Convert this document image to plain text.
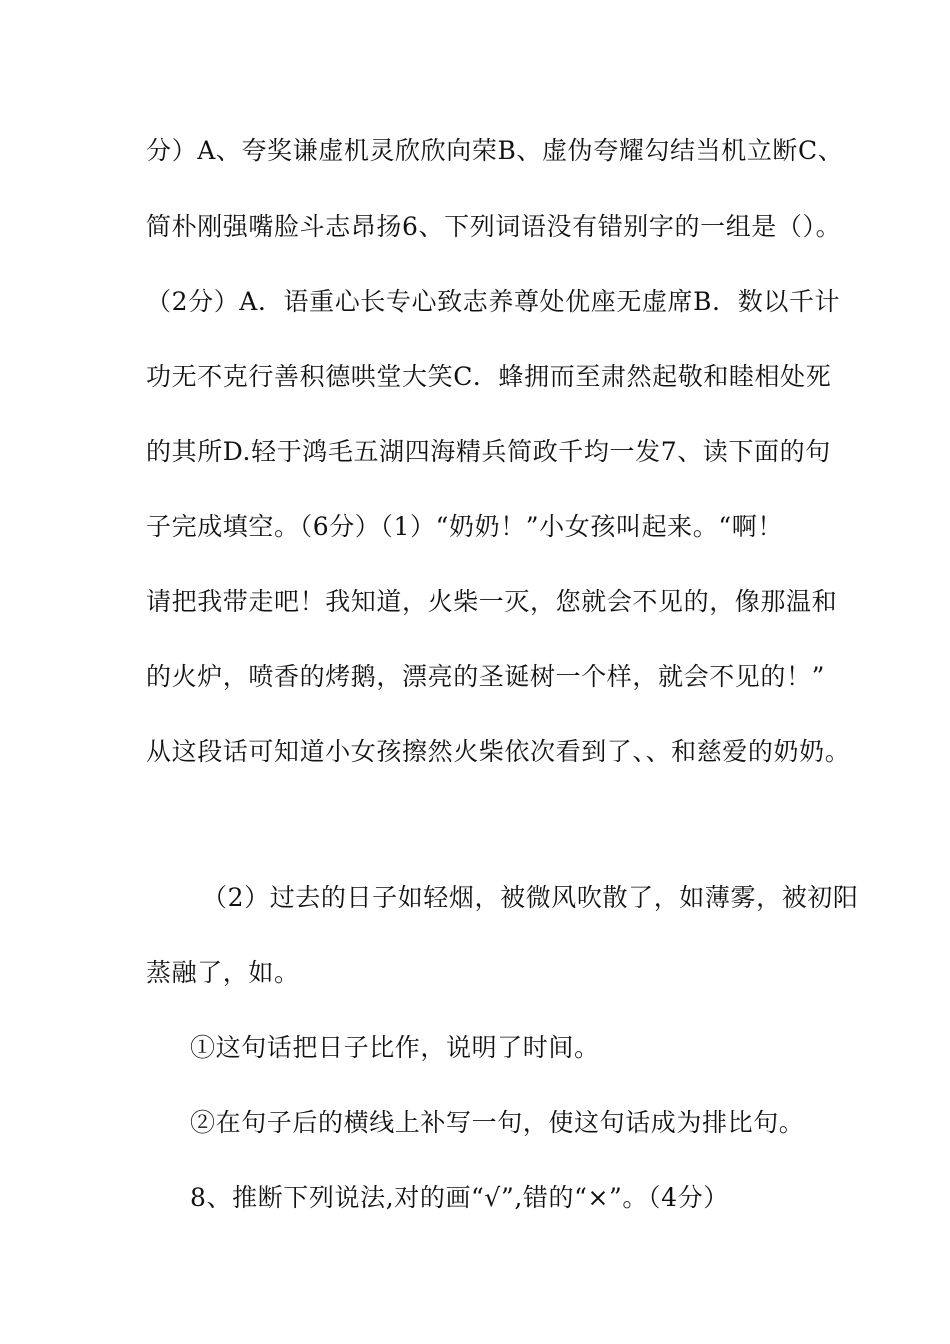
分）A、夸奖谦虚机灵欣欣向荣B、虚伪夸耀勾结当机立断C、
简朴刚强嘴脸斗志昂扬6、下列词语没有错别字的一组是（）。
（2分）A．语重心长专心致志养尊处优座无虚席B．数以千计
功无不克行善积德哄堂大笑C．蜂拥而至肃然起敬和睦相处死
的其所D.轻于鸿毛五湖四海精兵简政千均一发7、读下面的句
子完成填空。（6分）（1）“奶奶！”小女孩叫起来。“啊！
请把我带走吧！我知道，火柴一灭，您就会不见的，像那温和
的火炉，喷香的烤鹅，漂亮的圣诞树一个样，就会不见的！”
从这段话可知道小女孩擦然火柴依次看到了、、和慈爱的奶奶。
（2）过去的日子如轻烟，被微风吹散了，如薄雾，被初阳
蒸融了，如。
①这句话把日子比作，说明了时间。
②在句子后的横线上补写一句，使这句话成为排比句。
8、推断下列说法,对的画“√”,错的“×”。（4分）
